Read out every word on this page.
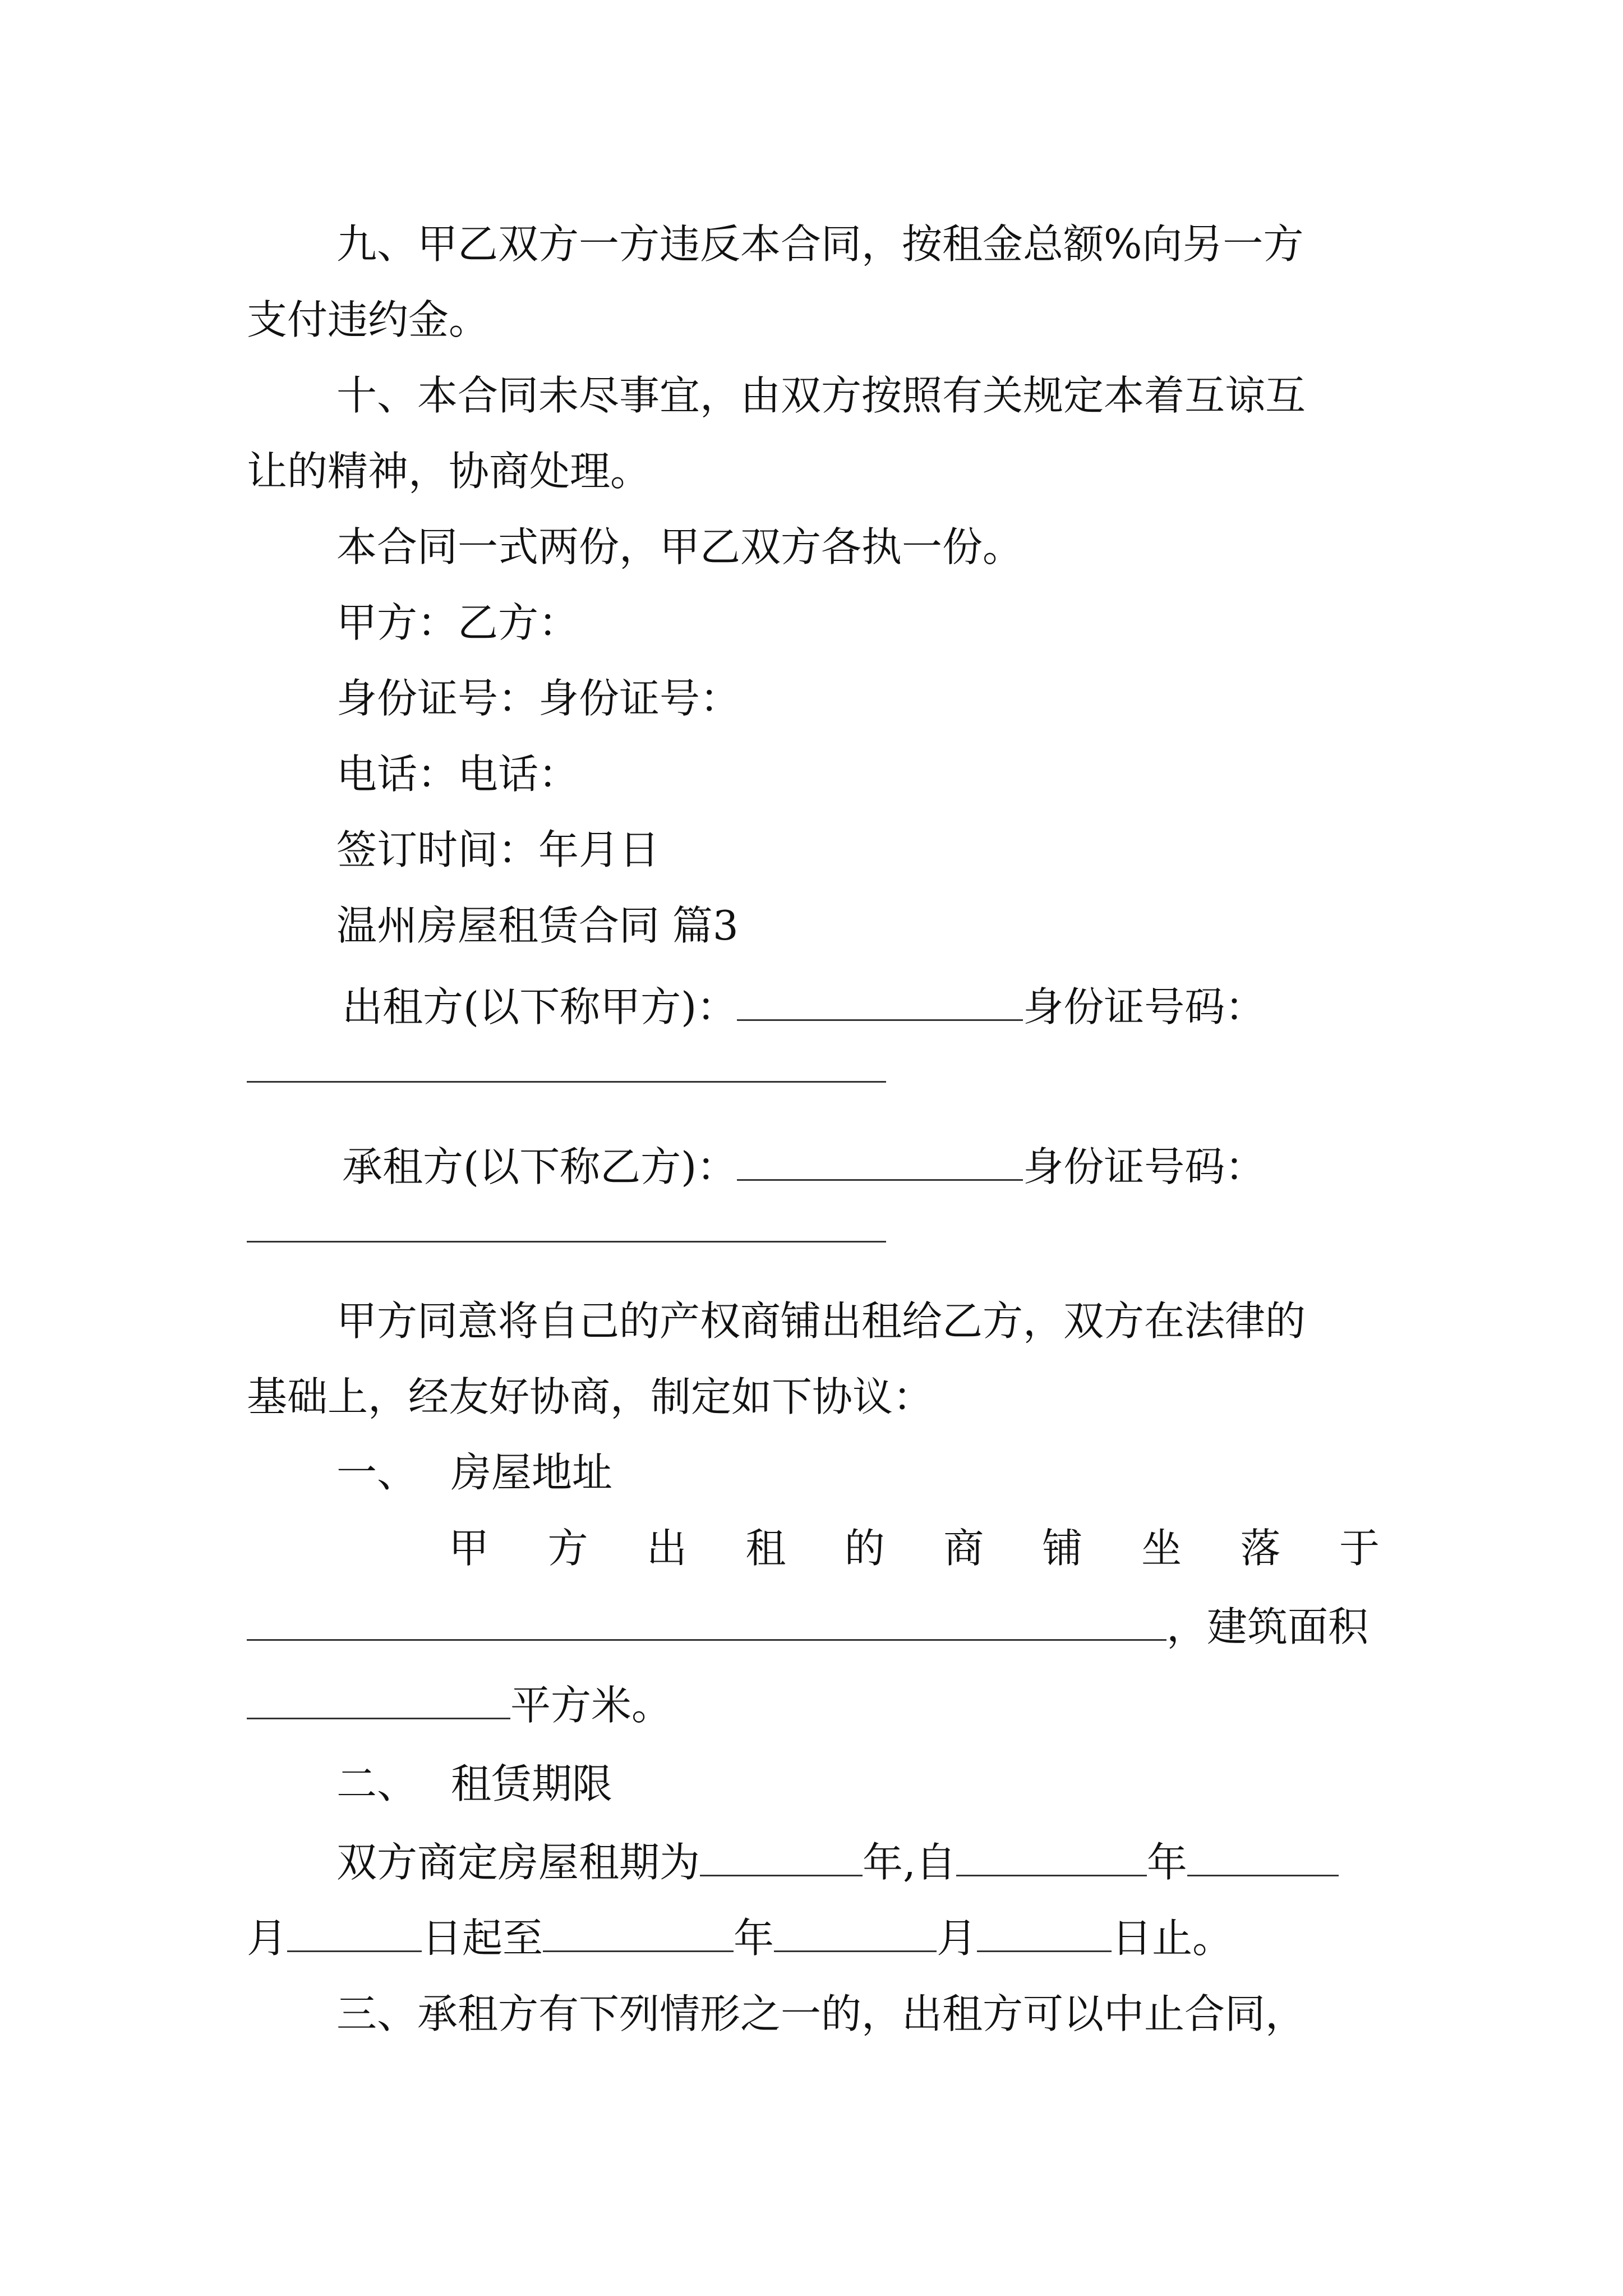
九、甲乙双方一方违反本合同，按租金总额%向另一方
支付违约金。
十、本合同未尽事宜，由双方按照有关规定本着互谅互
让的精神，协商处理。
本合同一式两份，甲乙双方各执一份。
甲方：乙方：
身份证号：身份证号：
电话：电话：
签订时间：年月日
温州房屋租赁合同 篇3
出租方(以下称甲方)：	身份证号码：
承租方(以下称乙方)：	身份证号码：
甲方同意将自己的产权商铺出租给乙方，双方在法律的
基础上，经友好协商，制定如下协议：
一、 房屋地址
甲 方 出 租 的 商 铺 坐 落 于
，建筑面积
平方米。
二、 租赁期限
双方商定房屋租期为	年,自	年
月	日起至	年	月	日止。
三、承租方有下列情形之一的，出租方可以中止合同，
